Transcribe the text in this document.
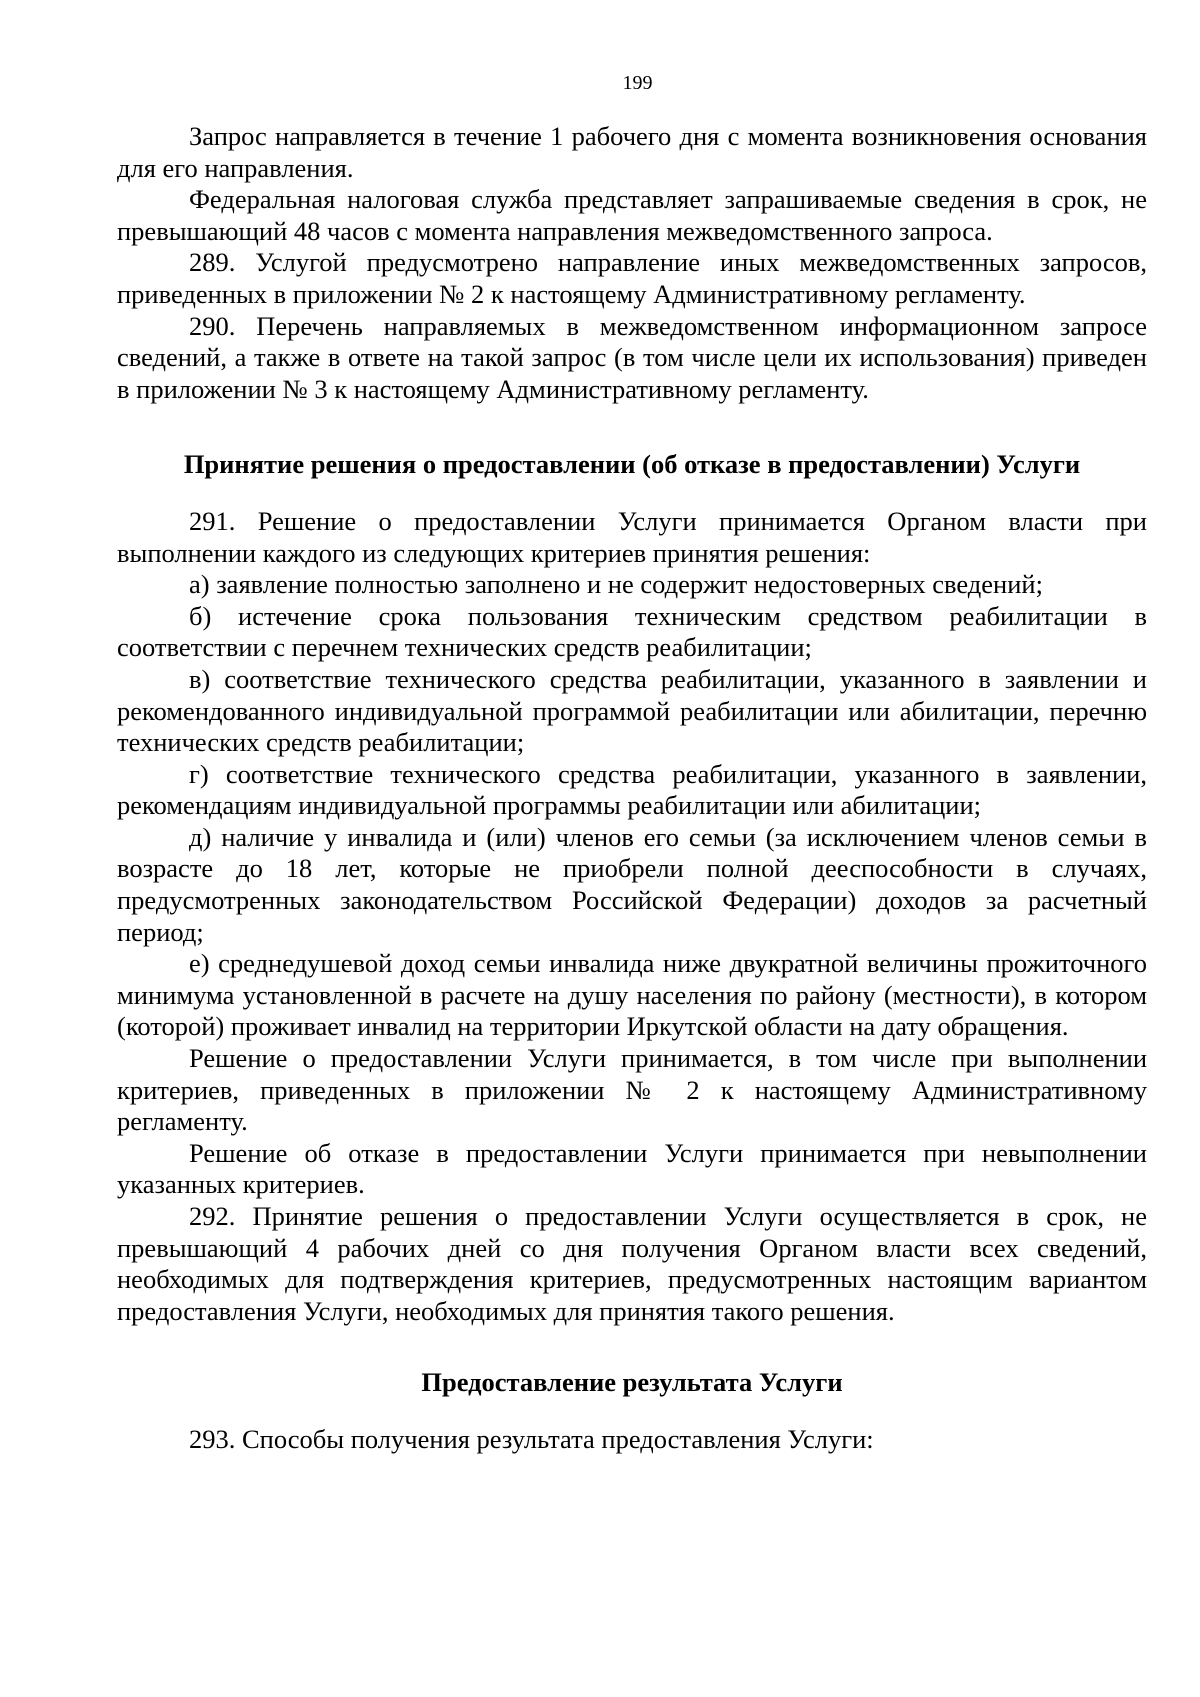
199

Запрос направляется в течение 1 рабочего дня с момента возникновения основания для его направления.

Федеральная налоговая служба представляет запрашиваемые сведения в срок, не превышающий 48 часов с момента направления межведомственного запроса.

289. Услугой предусмотрено направление иных межведомственных запросов, приведенных в приложении № 2 к настоящему Административному регламенту.

290. Перечень направляемых в межведомственном информационном запросе сведений, а также в ответе на такой запрос (в том числе цели их использования) приведен в приложении № 3 к настоящему Административному регламенту.

Принятие решения о предоставлении (об отказе в предоставлении) Услуги

291. Решение о предоставлении Услуги принимается Органом власти при выполнении каждого из следующих критериев принятия решения:

а) заявление полностью заполнено и не содержит недостоверных сведений;

б) истечение срока пользования техническим средством реабилитации в соответствии с перечнем технических средств реабилитации;

в) соответствие технического средства реабилитации, указанного в заявлении и рекомендованного индивидуальной программой реабилитации или абилитации, перечню технических средств реабилитации;

г) соответствие технического средства реабилитации, указанного в заявлении, рекомендациям индивидуальной программы реабилитации или абилитации;

д) наличие у инвалида и (или) членов его семьи (за исключением членов семьи в возрасте до 18 лет, которые не приобрели полной дееспособности в случаях, предусмотренных законодательством Российской Федерации) доходов за расчетный период;

е) среднедушевой доход семьи инвалида ниже двукратной величины прожиточного минимума установленной в расчете на душу населения по району (местности), в котором (которой) проживает инвалид на территории Иркутской области на дату обращения.

Решение о предоставлении Услуги принимается, в том числе при выполнении критериев, приведенных в приложении № 2 к настоящему Административному регламенту.

Решение об отказе в предоставлении Услуги принимается при невыполнении указанных критериев.

292. Принятие решения о предоставлении Услуги осуществляется в срок, не превышающий 4 рабочих дней со дня получения Органом власти всех сведений, необходимых для подтверждения критериев, предусмотренных настоящим вариантом предоставления Услуги, необходимых для принятия такого решения.

Предоставление результата Услуги

293. Способы получения результата предоставления Услуги:
